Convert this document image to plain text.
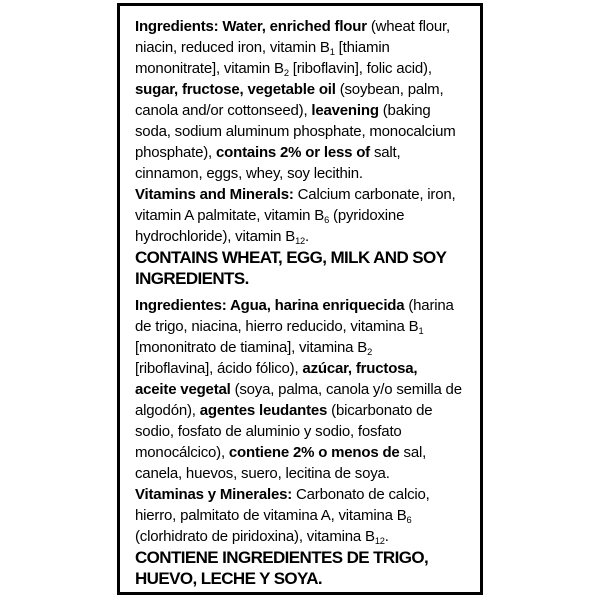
Ingredients: Water, enriched flour (wheat flour,
niacin, reduced iron, vitamin $B_1$ [thiamin
mononitrate], vitamin $B_2$ [riboflavin], folic acid),
sugar, fructose, vegetable oil (soybean, palm,
canola and/or cottonseed), leavening (baking
soda, sodium aluminum phosphate, monocalcium
phosphate), contains 2% or less of salt,
cinnamon, eggs, whey, soy lecithin.
Vitamins and Minerals: Calcium carbonate, iron,
vitamin A palmitate, vitamin $B_6$ (pyridoxine
hydrochloride), vitamin $B_{12}$.
CONTAINS WHEAT, EGG, MILK AND SOY
INGREDIENTS.
Ingredientes: Agua, harina enriquecida (harina
de trigo, niacina, hierro reducido, vitamina $B_1$
[mononitrato de tiamina], vitamina $B_2$
[riboflavina], ácido fólico), azúcar, fructosa,
aceite vegetal (soya, palma, canola y/o semilla de
algodón), agentes leudantes (bicarbonato de
sodio, fosfato de aluminio y sodio, fosfato
monocálcico), contiene 2% o menos de sal,
canela, huevos, suero, lecitina de soya.
Vitaminas y Minerales: Carbonato de calcio,
hierro, palmitato de vitamina A, vitamina $B_6$
(clorhidrato de piridoxina), vitamina $B_{12}$.
CONTIENE INGREDIENTES DE TRIGO,
HUEVO, LECHE Y SOYA.
